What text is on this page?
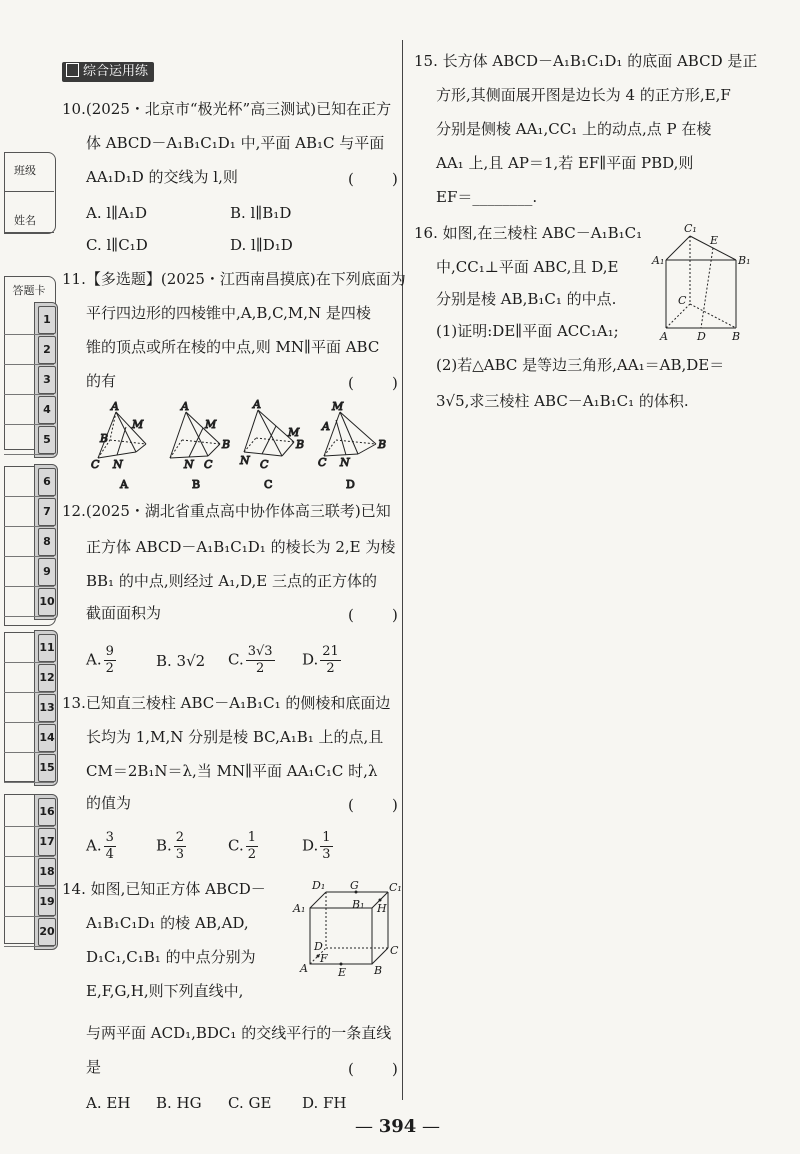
综合运用练
班级
姓名
答题卡
1
2
3
4
5
6
7
8
9
10
11
12
13
14
15
16
17
18
19
20
10.(2025・北京市“极光杯”高三测试)已知在正方
体 ABCD－A₁B₁C₁D₁ 中,平面 AB₁C 与平面
AA₁D₁D 的交线为 l,则	(        )
A. l∥A₁D	B. l∥B₁D
C. l∥C₁D	D. l∥D₁D
11.【多选题】(2025・江西南昌摸底)在下列底面为
平行四边形的四棱锥中,A,B,C,M,N 是四棱
锥的顶点或所在棱的中点,则 MN∥平面 ABC
的有	(        )
A
M
B
C N
A
A
M
B
N C
B
A
M
B
N C
C
M
A
B
C N
D
12.(2025・湖北省重点高中协作体高三联考)已知
正方体 ABCD－A₁B₁C₁D₁ 的棱长为 2,E 为棱
BB₁ 的中点,则经过 A₁,D,E 三点的正方体的
截面面积为	(        )
A. $\frac{9}{2}$	B. 3√2 C. $\frac{3√3}{2} D$. $\frac{21}{2}$
13.已知直三棱柱 ABC－A₁B₁C₁ 的侧棱和底面边
长均为 1,M,N 分别是棱 BC,A₁B₁ 上的点,且
CM＝2B₁N＝λ,当 MN∥平面 AA₁C₁C 时,λ
的值为	(        )
A. $\frac{3}{4}$	B. $\frac{2}{3}$	C. $\frac{1}{2}$	D. $\frac{1}{3}$
14. 如图,已知正方体 ABCD－
A₁B₁C₁D₁ 的棱 AB,AD,
D₁C₁,C₁B₁ 的中点分别为
E,F,G,H,则下列直线中,
与两平面 ACD₁,BDC₁ 的交线平行的一条直线
是	(        )
A. EH B. HG C. GE D. FH
D₁ G	C₁
A₁	B₁ H
D	C
F
A	E	B
15. 长方体 ABCD－A₁B₁C₁D₁ 的底面 ABCD 是正
方形,其侧面展开图是边长为 4 的正方形,E,F
分别是侧棱 AA₁,CC₁ 上的动点,点 P 在棱
AA₁ 上,且 AP＝1,若 EF∥平面 PBD,则
EF＝________.
16. 如图,在三棱柱 ABC－A₁B₁C₁
中,CC₁⊥平面 ABC,且 D,E
分别是棱 AB,B₁C₁ 的中点.
(1)证明:DE∥平面 ACC₁A₁;
(2)若△ABC 是等边三角形,AA₁＝AB,DE＝
3√5,求三棱柱 ABC－A₁B₁C₁ 的体积.
C₁
E
A₁	B₁
C
A	D B
— 394 —
